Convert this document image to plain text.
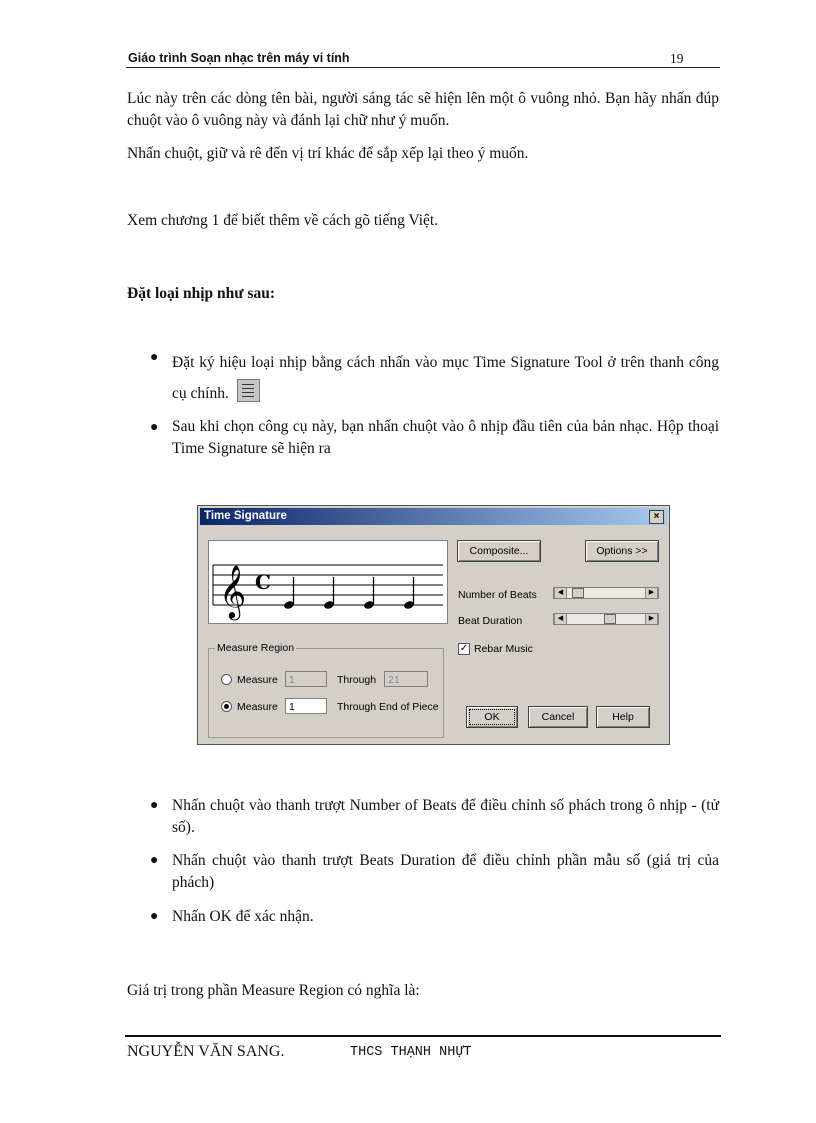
Giáo trình Soạn nhạc trên máy vi tính	19
Lúc này trên các dòng tên bài, người sáng tác sẽ hiện lên một ô vuông nhỏ. Bạn hãy nhấn đúp chuột vào ô vuông này và đánh lại chữ như ý muốn.
Nhấn chuột, giữ và rê đến vị trí khác để sắp xếp lại theo ý muốn.
Xem chương 1 để biết thêm về cách gõ tiếng Việt.
Đặt loại nhịp như sau:
● Đặt ký hiệu loại nhịp bằng cách nhấn vào mục Time Signature Tool ở trên thanh công cụ chính.
● Sau khi chọn công cụ này, bạn nhấn chuột vào ô nhịp đầu tiên của bản nhạc. Hộp thoại Time Signature sẽ hiện ra
Time Signature	×
𝄞 C
Composite...	Options >>
Number of Beats	◀	▶
Beat Duration	◀	▶
✓ Rebar Music
Measure Region
Measure	1	Through	21
Measure	1	Through End of Piece
OK	Cancel	Help
● Nhấn chuột vào thanh trượt Number of Beats để điều chỉnh số phách trong ô nhịp - (tử số).
● Nhấn chuột vào thanh trượt Beats Duration để điều chỉnh phần mẫu số (giá trị của phách)
● Nhấn OK để xác nhận.
Giá trị trong phần Measure Region có nghĩa là:
NGUYỄN VĂN SANG.	THCS THẠNH NHỰT
